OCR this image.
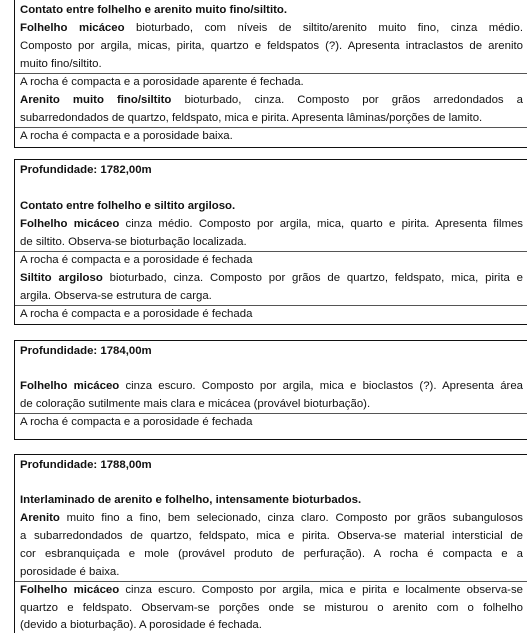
Contato entre folhelho e arenito muito fino/siltito.
Folhelho micáceo bioturbado, com níveis de siltito/arenito muito fino, cinza médio.
Composto por argila, micas, pirita, quartzo e feldspatos (?). Apresenta intraclastos de arenito
muito fino/siltito.
A rocha é compacta e a porosidade aparente é fechada.
Arenito muito fino/siltito bioturbado, cinza. Composto por grãos arredondados a
subarredondados de quartzo, feldspato, mica e pirita. Apresenta lâminas/porções de lamito.
A rocha é compacta e a porosidade baixa.
Profundidade: 1782,00m
Contato entre folhelho e siltito argiloso.
Folhelho micáceo cinza médio. Composto por argila, mica, quarto e pirita. Apresenta filmes
de siltito. Observa-se bioturbação localizada.
A rocha é compacta e a porosidade é fechada
Siltito argiloso bioturbado, cinza. Composto por grãos de quartzo, feldspato, mica, pirita e
argila. Observa-se estrutura de carga.
A rocha é compacta e a porosidade é fechada
Profundidade: 1784,00m
Folhelho micáceo cinza escuro. Composto por argila, mica e bioclastos (?). Apresenta área
de coloração sutilmente mais clara e micácea (provável bioturbação).
A rocha é compacta e a porosidade é fechada
Profundidade: 1788,00m
Interlaminado de arenito e folhelho, intensamente bioturbados.
Arenito muito fino a fino, bem selecionado, cinza claro. Composto por grãos subangulosos
a subarredondados de quartzo, feldspato, mica e pirita. Observa-se material intersticial de
cor esbranquiçada e mole (provável produto de perfuração). A rocha é compacta e a
porosidade é baixa.
Folhelho micáceo cinza escuro. Composto por argila, mica e pirita e localmente observa-se
quartzo e feldspato. Observam-se porções onde se misturou o arenito com o folhelho
(devido a bioturbação). A porosidade é fechada.
